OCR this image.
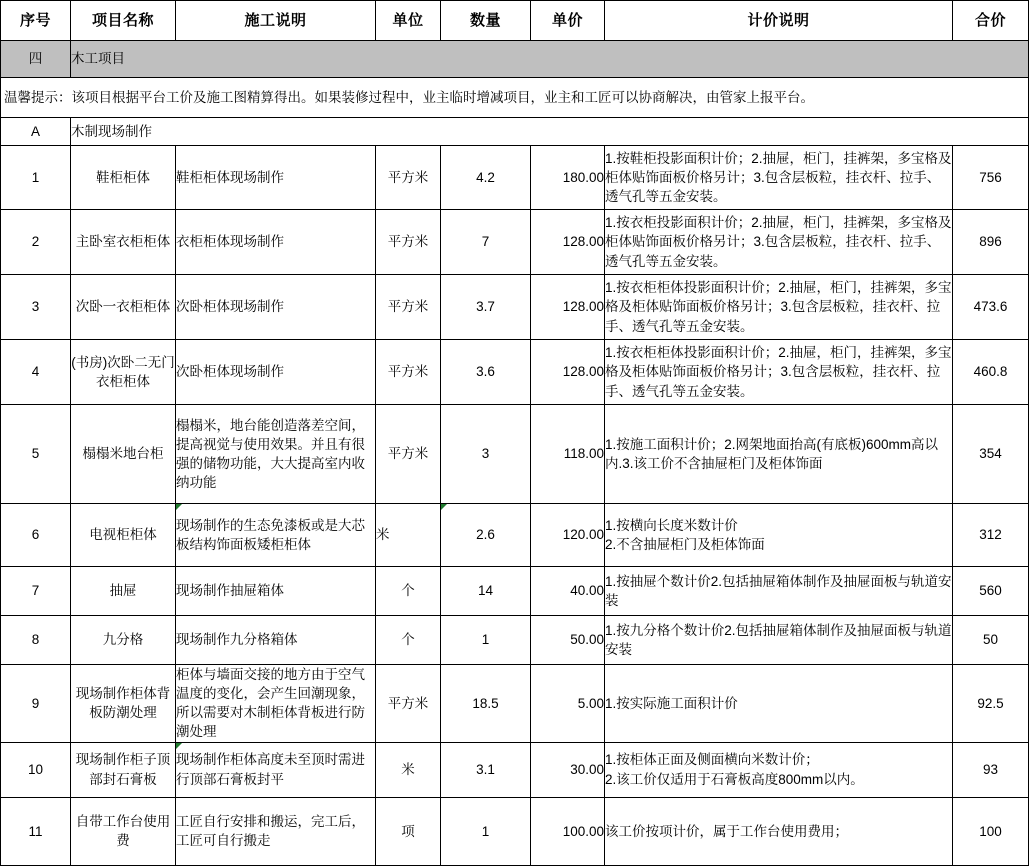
序号	项目名称	施工说明	单位	数量	单价	计价说明	合价
四	木工项目						
温馨提示：该项目根据平台工价及施工图精算得出。如果装修过程中，业主临时增减项目，业主和工匠可以协商解决，由管家上报平台。							
A	木制现场制作						
1	鞋柜柜体	鞋柜柜体现场制作	平方米	4.2	180.00	1.按鞋柜投影面积计价；2.抽屉，柜门，挂裤架，多宝格及柜体贴饰面板价格另计；3.包含层板粒，挂衣杆、拉手、透气孔等五金安装。	756
2	主卧室衣柜柜体	衣柜柜体现场制作	平方米	7	128.00	1.按衣柜投影面积计价；2.抽屉，柜门，挂裤架，多宝格及柜体贴饰面板价格另计；3.包含层板粒，挂衣杆、拉手、透气孔等五金安装。	896
3	次卧一衣柜柜体	次卧柜体现场制作	平方米	3.7	128.00	1.按衣柜柜体投影面积计价；2.抽屉，柜门，挂裤架，多宝格及柜体贴饰面板价格另计；3.包含层板粒，挂衣杆、拉手、透气孔等五金安装。	473.6
4	(书房)次卧二无门衣柜柜体	次卧柜体现场制作	平方米	3.6	128.00	1.按衣柜柜体投影面积计价；2.抽屉，柜门，挂裤架，多宝格及柜体贴饰面板价格另计；3.包含层板粒，挂衣杆、拉手、透气孔等五金安装。	460.8
5	榻榻米地台柜	榻榻米，地台能创造落差空间，提高视觉与使用效果。并且有很强的储物功能，大大提高室内收纳功能	平方米	3	118.00	1.按施工面积计价；2.网架地面抬高(有底板)600mm高以内.3.该工价不含抽屉柜门及柜体饰面	354
6	电视柜柜体	现场制作的生态免漆板或是大芯板结构饰面板矮柜柜体	米	2.6	120.00	1.按横向长度米数计价
2.不含抽屉柜门及柜体饰面	312
7	抽屉	现场制作抽屉箱体	个	14	40.00	1.按抽屉个数计价2.包括抽屉箱体制作及抽屉面板与轨道安装	560
8	九分格	现场制作九分格箱体	个	1	50.00	1.按九分格个数计价2.包括抽屉箱体制作及抽屉面板与轨道安装	50
9	现场制作柜体背板防潮处理	柜体与墙面交接的地方由于空气温度的变化，会产生回潮现象，所以需要对木制柜体背板进行防潮处理	平方米	18.5	5.00	1.按实际施工面积计价	92.5
10	现场制作柜子顶部封石膏板	现场制作柜体高度未至顶时需进行顶部石膏板封平	米	3.1	30.00	1.按柜体正面及侧面横向米数计价；
2.该工价仅适用于石膏板高度800mm以内。	93
11	自带工作台使用费	工匠自行安排和搬运，完工后，工匠可自行搬走	项	1	100.00	该工价按项计价，属于工作台使用费用；	100
